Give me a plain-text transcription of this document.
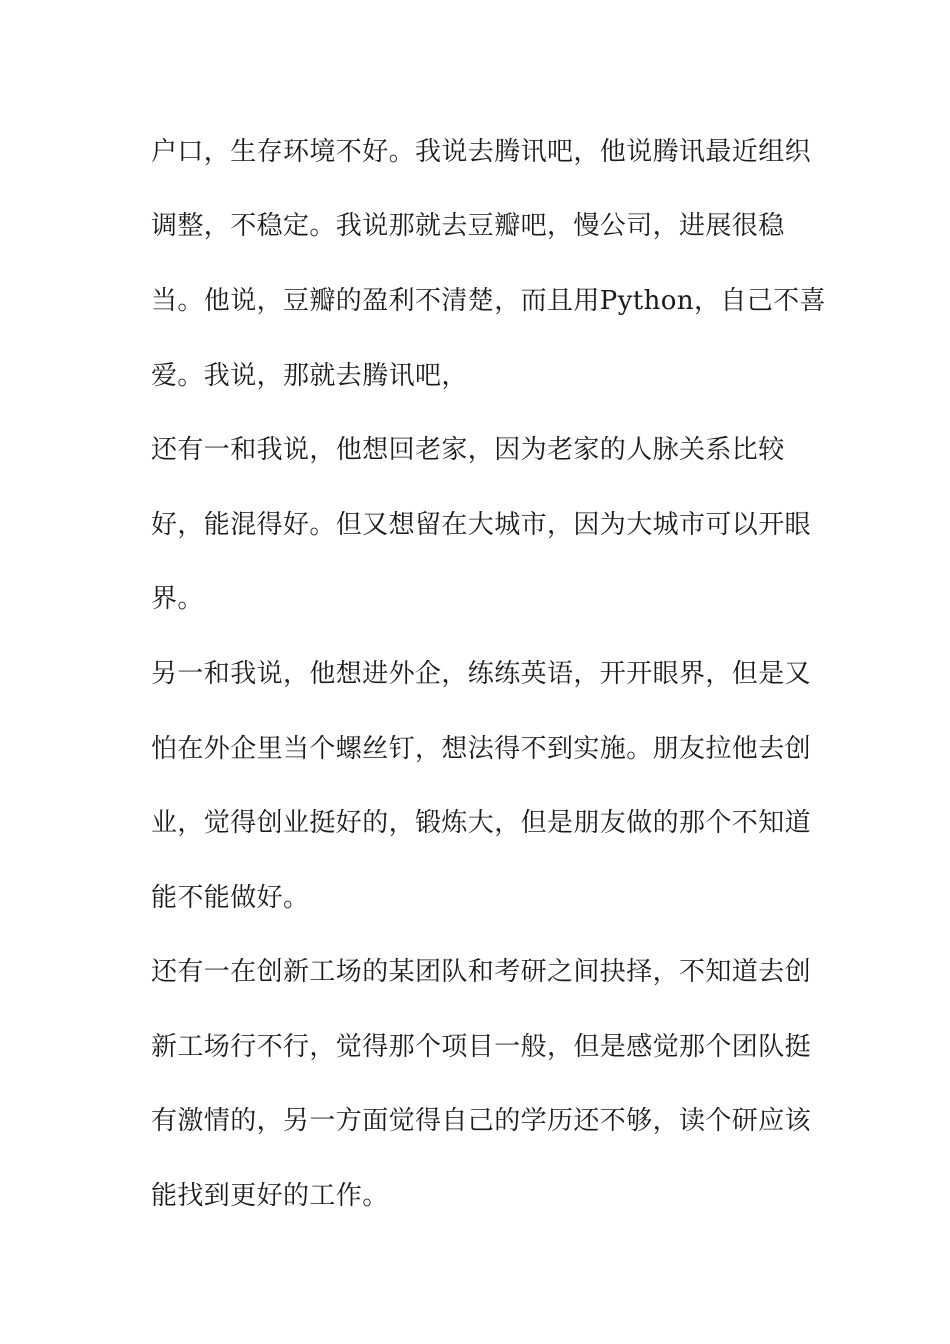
户口，生存环境不好。我说去腾讯吧，他说腾讯最近组织
调整，不稳定。我说那就去豆瓣吧，慢公司，进展很稳
当。他说，豆瓣的盈利不清楚，而且用Python，自己不喜
爱。我说，那就去腾讯吧，
还有一和我说，他想回老家，因为老家的人脉关系比较
好，能混得好。但又想留在大城市，因为大城市可以开眼
界。
另一和我说，他想进外企，练练英语，开开眼界，但是又
怕在外企里当个螺丝钉，想法得不到实施。朋友拉他去创
业，觉得创业挺好的，锻炼大，但是朋友做的那个不知道
能不能做好。
还有一在创新工场的某团队和考研之间抉择，不知道去创
新工场行不行，觉得那个项目一般，但是感觉那个团队挺
有激情的，另一方面觉得自己的学历还不够，读个研应该
能找到更好的工作。
